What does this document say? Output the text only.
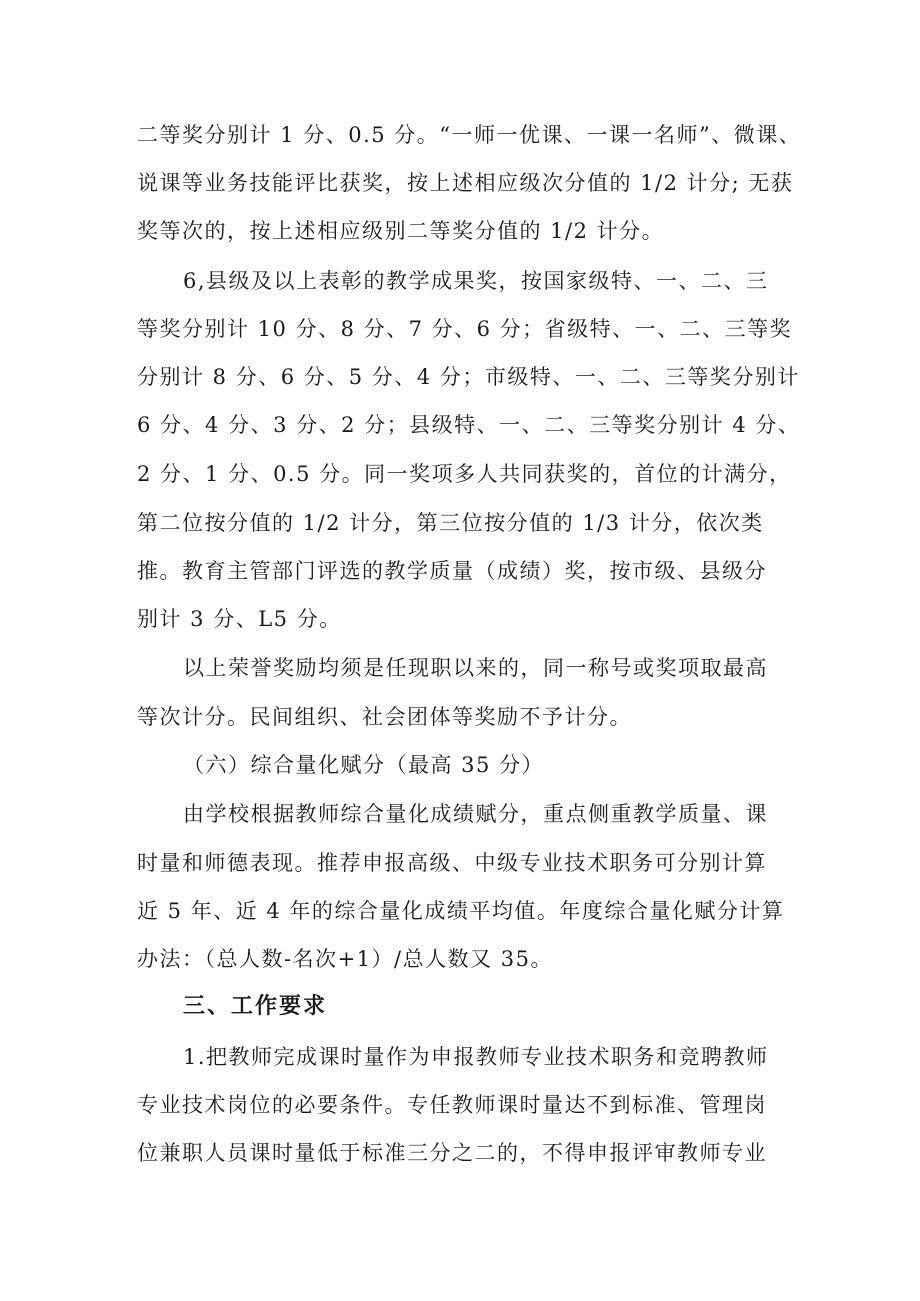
二等奖分别计 1 分、0.5 分。“一师一优课、一课一名师”、微课、
说课等业务技能评比获奖，按上述相应级次分值的 1/2 计分; 无获
奖等次的，按上述相应级别二等奖分值的 1/2 计分。
6,县级及以上表彰的教学成果奖，按国家级特、一、二、三
等奖分别计 10 分、8 分、7 分、6 分；省级特、一、二、三等奖
分别计 8 分、6 分、5 分、4 分；市级特、一、二、三等奖分别计
6 分、4 分、3 分、2 分；县级特、一、二、三等奖分别计 4 分、
2 分、1 分、0.5 分。同一奖项多人共同获奖的，首位的计满分，
第二位按分值的 1/2 计分，第三位按分值的 1/3 计分，依次类
推。教育主管部门评选的教学质量（成绩）奖，按市级、县级分
别计 3 分、L5 分。
以上荣誉奖励均须是任现职以来的，同一称号或奖项取最高
等次计分。民间组织、社会团体等奖励不予计分。
（六）综合量化赋分（最高 35 分）
由学校根据教师综合量化成绩赋分，重点侧重教学质量、课
时量和师德表现。推荐申报高级、中级专业技术职务可分别计算
近 5 年、近 4 年的综合量化成绩平均值。年度综合量化赋分计算
办法：（总人数-名次+1）/总人数又 35。
三、工作要求
1.把教师完成课时量作为申报教师专业技术职务和竞聘教师
专业技术岗位的必要条件。专任教师课时量达不到标准、管理岗
位兼职人员课时量低于标准三分之二的，不得申报评审教师专业
